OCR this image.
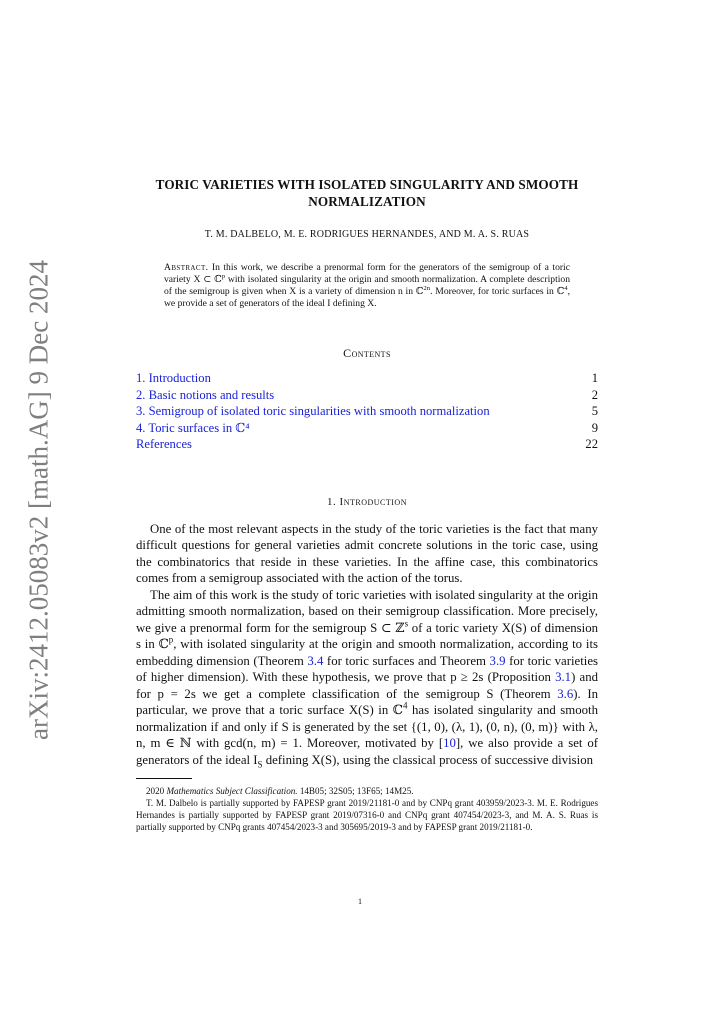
arXiv:2412.05083v2 [math.AG] 9 Dec 2024
TORIC VARIETIES WITH ISOLATED SINGULARITY AND SMOOTH
NORMALIZATION
T. M. DALBELO, M. E. RODRIGUES HERNANDES, AND M. A. S. RUAS
Abstract. In this work, we describe a prenormal form for the generators of the semigroup of a toric variety X ⊂ ℂ$^p$ with isolated singularity at the origin and smooth normalization. A complete description of the semigroup is given when X is a variety of dimension n in ℂ$^{2n}$. Moreover, for toric surfaces in ℂ$^4$, we provide a set of generators of the ideal I defining X.
Contents
1. Introduction	1
2. Basic notions and results	2
3. Semigroup of isolated toric singularities with smooth normalization	5
4. Toric surfaces in ℂ⁴	9
References	22
1. Introduction

One of the most relevant aspects in the study of the toric varieties is the fact that many difficult questions for general varieties admit concrete solutions in the toric case, using the combinatorics that reside in these varieties. In the affine case, this combinatorics comes from a semigroup associated with the action of the torus.

The aim of this work is the study of toric varieties with isolated singularity at the origin admitting smooth normalization, based on their semigroup classification. More precisely, we give a prenormal form for the semigroup S ⊂ ℤ$^s$ of a toric variety X(S) of dimension s in ℂ$^p$, with isolated singularity at the origin and smooth normalization, according to its embedding dimension (Theorem 3.4 for toric surfaces and Theorem 3.9 for toric varieties of higher dimension). With these hypothesis, we prove that p ≥ 2s (Proposition 3.1) and for p = 2s we get a complete classification of the semigroup S (Theorem 3.6). In particular, we prove that a toric surface X(S) in ℂ$^4$ has isolated singularity and smooth normalization if and only if S is generated by the set {(1, 0), (λ, 1), (0, n), (0, m)} with λ, n, m ∈ ℕ with gcd(n, m) = 1. Moreover, motivated by [10], we also provide a set of generators of the ideal $I_S$ defining X(S), using the classical process of successive division

2020 Mathematics Subject Classification. 14B05; 32S05; 13F65; 14M25.

T. M. Dalbelo is partially supported by FAPESP grant 2019/21181-0 and by CNPq grant 403959/2023-3. M. E. Rodrigues Hernandes is partially supported by FAPESP grant 2019/07316-0 and CNPq grant 407454/2023-3, and M. A. S. Ruas is partially supported by CNPq grants 407454/2023-3 and 305695/2019-3 and by FAPESP grant 2019/21181-0.

1
